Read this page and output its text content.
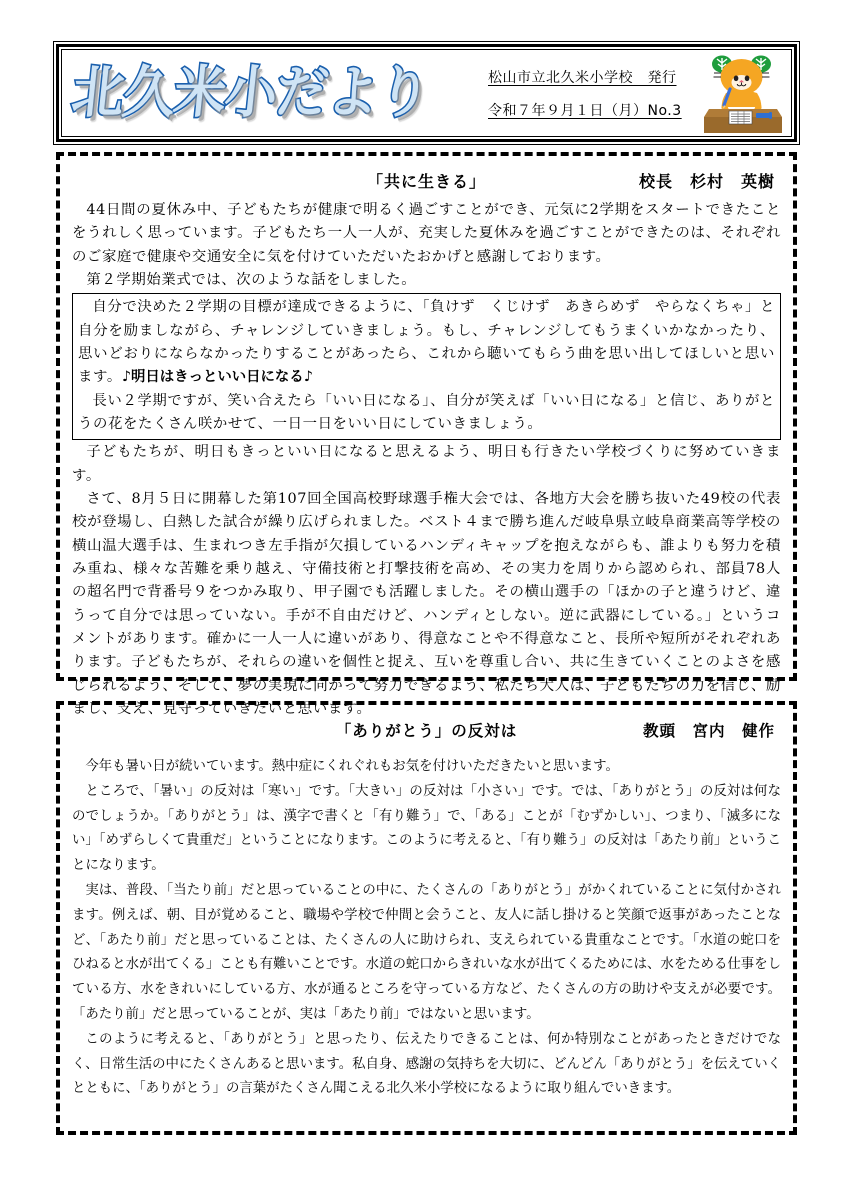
北久米小だより	松山市立北久米小学校　発行
令和７年９月１日（月）No.3
「共に生きる」	校長　杉村　英樹

44日間の夏休み中、子どもたちが健康で明るく過ごすことができ、元気に2学期をスタートできたことをうれしく思っています。子どもたち一人一人が、充実した夏休みを過ごすことができたのは、それぞれのご家庭で健康や交通安全に気を付けていただいたおかげと感謝しております。

第２学期始業式では、次のような話をしました。

自分で決めた２学期の目標が達成できるように、「負けず　くじけず　あきらめず　やらなくちゃ」と自分を励ましながら、チャレンジしていきましょう。もし、チャレンジしてもうまくいかなかったり、思いどおりにならなかったりすることがあったら、これから聴いてもらう曲を思い出してほしいと思います。♪明日はきっといい日になる♪

長い２学期ですが、笑い合えたら「いい日になる」、自分が笑えば「いい日になる」と信じ、ありがとうの花をたくさん咲かせて、一日一日をいい日にしていきましょう。

子どもたちが、明日もきっといい日になると思えるよう、明日も行きたい学校づくりに努めていきます。

さて、8月５日に開幕した第107回全国高校野球選手権大会では、各地方大会を勝ち抜いた49校の代表校が登場し、白熱した試合が繰り広げられました。ベスト４まで勝ち進んだ岐阜県立岐阜商業高等学校の横山温大選手は、生まれつき左手指が欠損しているハンディキャップを抱えながらも、誰よりも努力を積み重ね、様々な苦難を乗り越え、守備技術と打撃技術を高め、その実力を周りから認められ、部員78人の超名門で背番号９をつかみ取り、甲子園でも活躍しました。その横山選手の「ほかの子と違うけど、違うって自分では思っていない。手が不自由だけど、ハンディとしない。逆に武器にしている。」というコメントがあります。確かに一人一人に違いがあり、得意なことや不得意なこと、長所や短所がそれぞれあります。子どもたちが、それらの違いを個性と捉え、互いを尊重し合い、共に生きていくことのよさを感じられるよう、そして、夢の実現に向かって努力できるよう、私たち大人は、子どもたちの力を信じ、励まし、支え、見守っていきたいと思います。

「ありがとう」の反対は	教頭　宮内　健作

今年も暑い日が続いています。熱中症にくれぐれもお気を付けいただきたいと思います。

ところで、「暑い」の反対は「寒い」です。「大きい」の反対は「小さい」です。では、「ありがとう」の反対は何なのでしょうか。「ありがとう」は、漢字で書くと「有り難う」で、「ある」ことが「むずかしい」、つまり、「滅多にない」「めずらしくて貴重だ」ということになります。このように考えると、「有り難う」の反対は「あたり前」ということになります。

実は、普段、「当たり前」だと思っていることの中に、たくさんの「ありがとう」がかくれていることに気付かされます。例えば、朝、目が覚めること、職場や学校で仲間と会うこと、友人に話し掛けると笑顔で返事があったことなど、「あたり前」だと思っていることは、たくさんの人に助けられ、支えられている貴重なことです。「水道の蛇口をひねると水が出てくる」ことも有難いことです。水道の蛇口からきれいな水が出てくるためには、水をためる仕事をしている方、水をきれいにしている方、水が通るところを守っている方など、たくさんの方の助けや支えが必要です。「あたり前」だと思っていることが、実は「あたり前」ではないと思います。

このように考えると、「ありがとう」と思ったり、伝えたりできることは、何か特別なことがあったときだけでなく、日常生活の中にたくさんあると思います。私自身、感謝の気持ちを大切に、どんどん「ありがとう」を伝えていくとともに、「ありがとう」の言葉がたくさん聞こえる北久米小学校になるように取り組んでいきます。
